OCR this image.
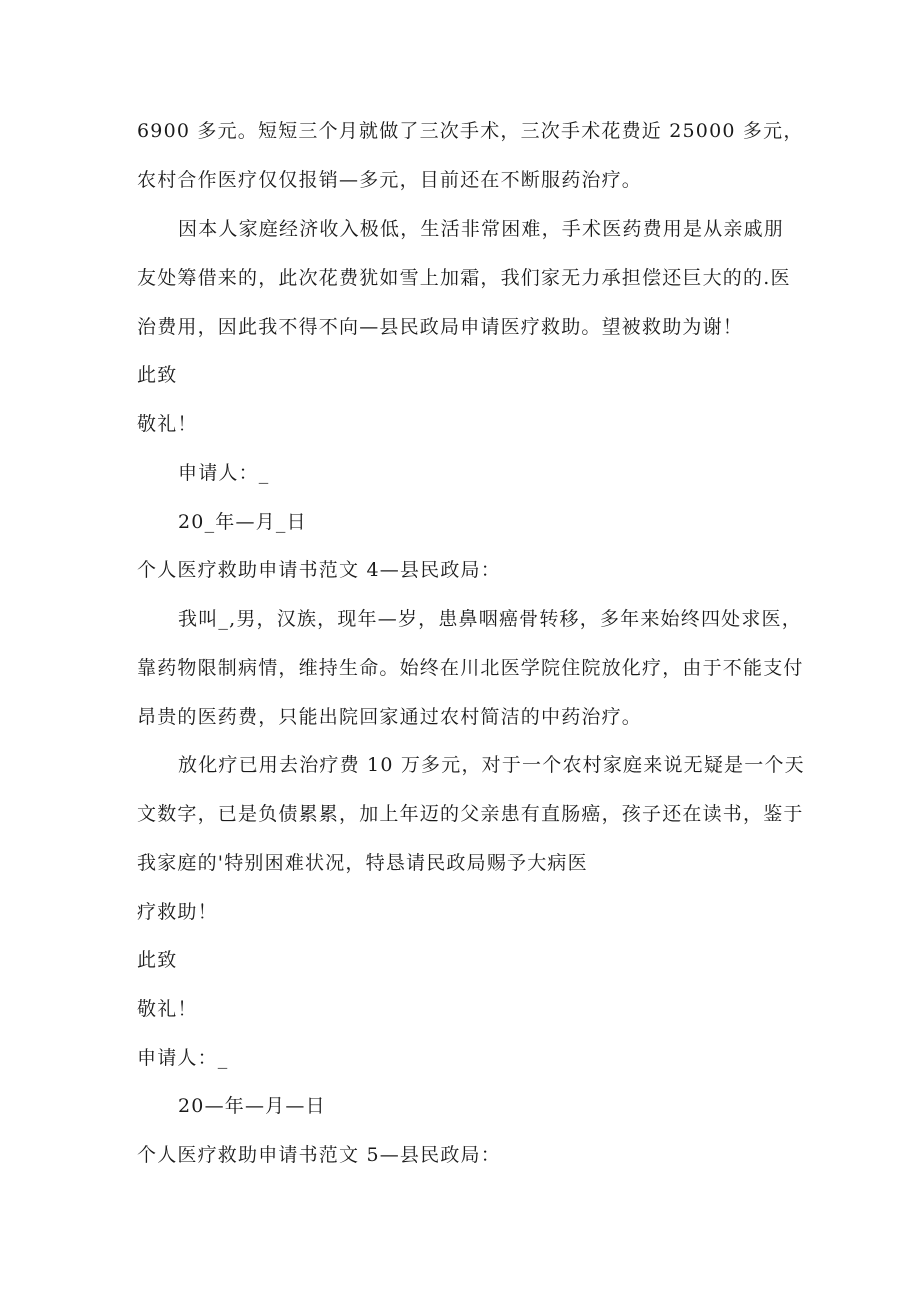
6900 多元。短短三个月就做了三次手术，三次手术花费近 25000 多元，
农村合作医疗仅仅报销—多元，目前还在不断服药治疗。
因本人家庭经济收入极低，生活非常困难，手术医药费用是从亲戚朋
友处筹借来的，此次花费犹如雪上加霜，我们家无力承担偿还巨大的的.医
治费用，因此我不得不向—县民政局申请医疗救助。望被救助为谢！
此致
敬礼！
申请人：_
20_年—月_日
个人医疗救助申请书范文 4—县民政局：
我叫_,男，汉族，现年—岁，患鼻咽癌骨转移，多年来始终四处求医，
靠药物限制病情，维持生命。始终在川北医学院住院放化疗，由于不能支付
昂贵的医药费，只能出院回家通过农村简洁的中药治疗。
放化疗已用去治疗费 10 万多元，对于一个农村家庭来说无疑是一个天
文数字，已是负债累累，加上年迈的父亲患有直肠癌，孩子还在读书，鉴于
我家庭的'特别困难状况，特恳请民政局赐予大病医
疗救助！
此致
敬礼！
申请人：_
20—年—月—日
个人医疗救助申请书范文 5—县民政局：
